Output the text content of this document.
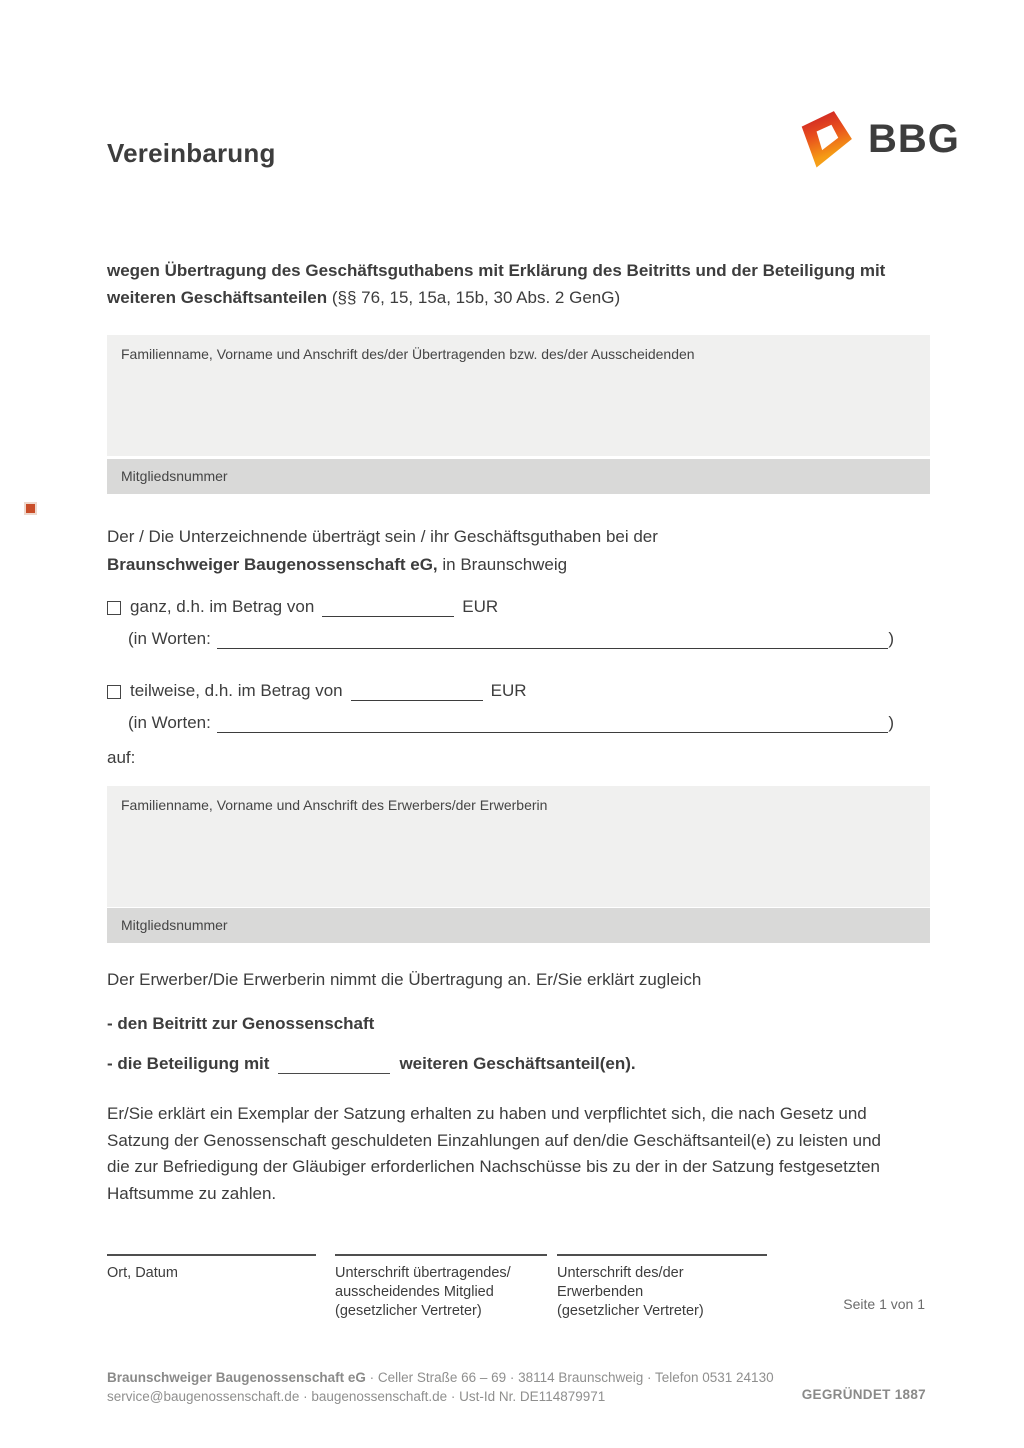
Vereinbarung	BBG
wegen Übertragung des Geschäftsguthabens mit Erklärung des Beitritts und der Beteiligung mit weiteren Geschäftsanteilen (§§ 76, 15, 15a, 15b, 30 Abs. 2 GenG)
Familienname, Vorname und Anschrift des/der Übertragenden bzw. des/der Ausscheidenden
Mitgliedsnummer
Der / Die Unterzeichnende überträgt sein / ihr Geschäftsguthaben bei der
Braunschweiger Baugenossenschaft eG, in Braunschweig
ganz, d.h. im Betrag von	EUR
(in Worten:	)
teilweise, d.h. im Betrag von	EUR
(in Worten:	)
auf:
Familienname, Vorname und Anschrift des Erwerbers/der Erwerberin
Mitgliedsnummer
Der Erwerber/Die Erwerberin nimmt die Übertragung an. Er/Sie erklärt zugleich
- den Beitritt zur Genossenschaft
- die Beteiligung mit	weiteren Geschäftsanteil(en).
Er/Sie erklärt ein Exemplar der Satzung erhalten zu haben und verpflichtet sich, die nach Gesetz und Satzung der Genossenschaft geschuldeten Einzahlungen auf den/die Geschäftsanteil(e) zu leisten und die zur Befriedigung der Gläubiger erforderlichen Nachschüsse bis zu der in der Satzung festgesetzten Haftsumme zu zahlen.
Ort, Datum	Unterschrift übertragendes/
ausscheidendes Mitglied
(gesetzlicher Vertreter)
Unterschrift des/der Erwerbenden
(gesetzlicher Vertreter)	Seite 1 von 1
Braunschweiger Baugenossenschaft eG · Celler Straße 66 – 69 · 38114 Braunschweig · Telefon 0531 24130
service@baugenossenschaft.de · baugenossenschaft.de · Ust-Id Nr. DE114879971	GEGRÜNDET 1887
